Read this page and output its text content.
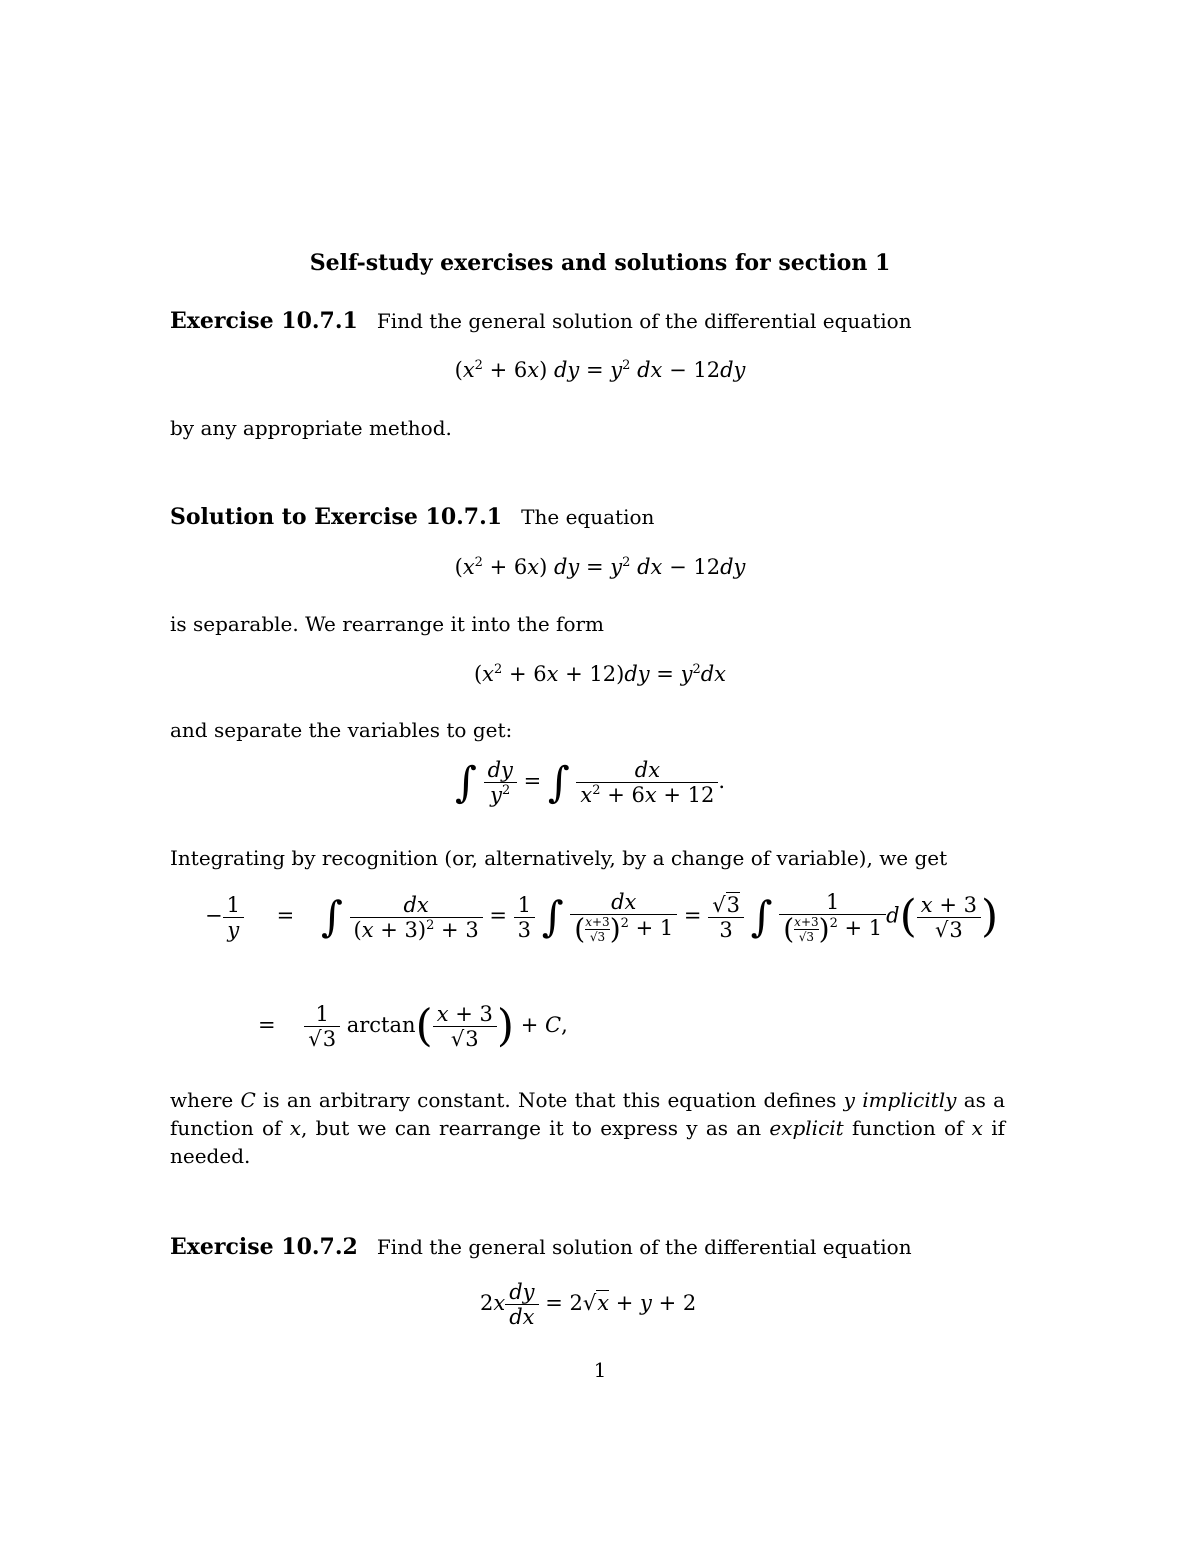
Self-study exercises and solutions for section 1
Exercise 10.7.1 Find the general solution of the differential equation
$(x^2 + 6x)$ dy = $y^2$ dx − 12dy
by any appropriate method.
Solution to Exercise 10.7.1 The equation
$(x^2 + 6x)$ dy = $y^2$ dx − 12dy
is separable. We rearrange it into the form
$(x^2 + 6x + 12)dy = y^2dx$
and separate the variables to get:
∫ $\frac{dy}{y^2}$ = ∫ $\frac{dx}{x^2 + 6x + 12}$ .
Integrating by recognition (or, alternatively, by a change of variable), we get
− $\frac{1}{y}$ = ∫ $\frac{dx}{(x + 3)^2 + 3} = \frac{1}{3}$ ∫ $\frac{dx}{( \frac{x+3}{√3} )^2 + 1} = \frac{√3}{3}$ ∫ $\frac{1}{( \frac{x+3}{√3} )^2 + 1} d( \frac{x + 3}{√3}$ )
= $\frac{1}{√3} \arctan( \frac{x + 3}{√3}$ ) + C,
where C is an arbitrary constant. Note that this equation defines y implicitly as a function of x, but we can rearrange it to express y as an explicit function of x if needed.
Exercise 10.7.2 Find the general solution of the differential equation
$2x \frac{dy}{dx} = 2√x + y + 2$
1
